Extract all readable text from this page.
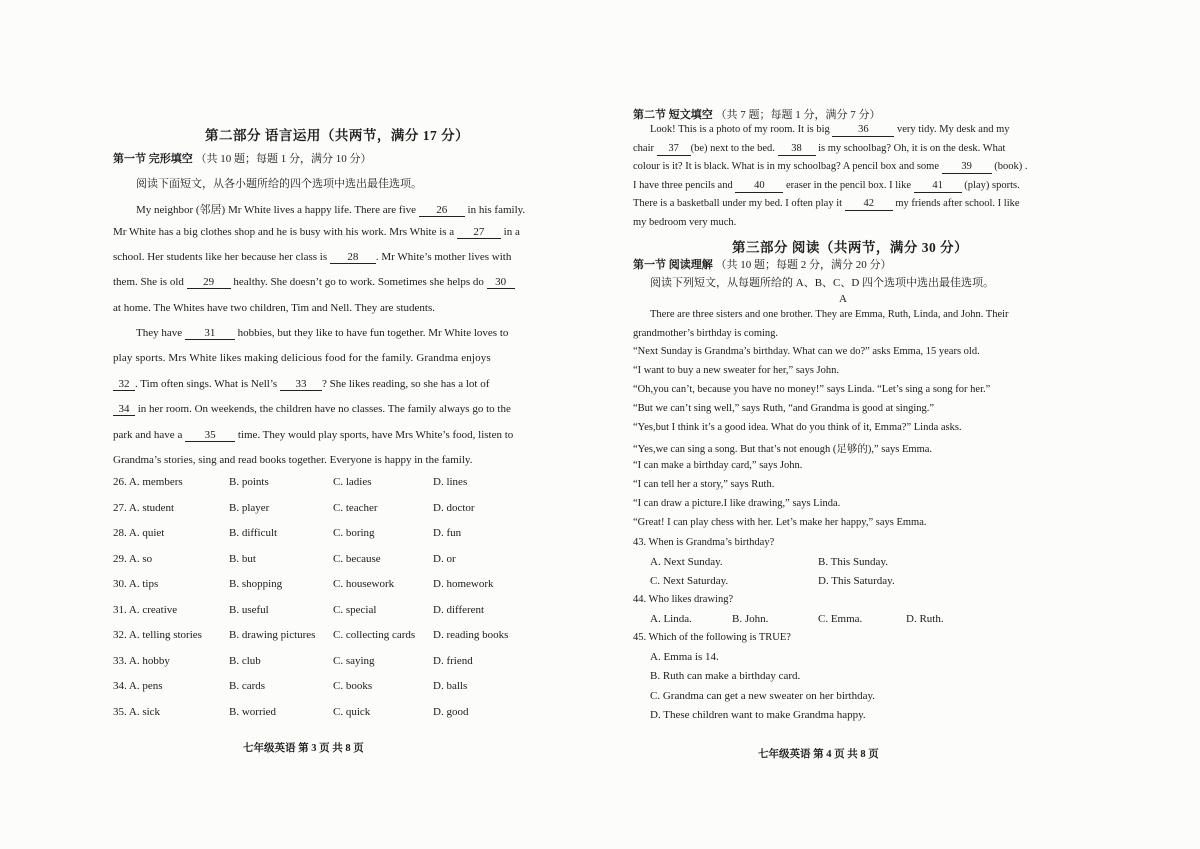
第二部分 语言运用（共两节，满分 17 分）
第一节 完形填空 （共 10 题；每题 1 分，满分 10 分）
阅读下面短文，从各小题所给的四个选项中选出最佳选项。
My neighbor (邻居) Mr White lives a happy life. There are five 26 in his family.
Mr White has a big clothes shop and he is busy with his work. Mrs White is a 27 in a
school. Her students like her because her class is 28 . Mr White’s mother lives with
them. She is old 29 healthy. She doesn’t go to work. Sometimes she helps do 30
at home. The Whites have two children, Tim and Nell. They are students.
They have 31 hobbies, but they like to have fun together. Mr White loves to
play sports. Mrs White likes making delicious food for the family. Grandma enjoys
32 . Tim often sings. What is Nell’s 33 ? She likes reading, so she has a lot of
34 in her room. On weekends, the children have no classes. The family always go to the
park and have a 35 time. They would play sports, have Mrs White’s food, listen to
Grandma’s stories, sing and read books together. Everyone is happy in the family.
26. A. members	B. points	C. ladies	D. lines
27. A. student	B. player	C. teacher	D. doctor
28. A. quiet	B. difficult	C. boring	D. fun
29. A. so	B. but	C. because	D. or
30. A. tips	B. shopping	C. housework	D. homework
31. A. creative	B. useful	C. special	D. different
32. A. telling stories B. drawing pictures C. collecting cards D. reading books
33. A. hobby	B. club	C. saying	D. friend
34. A. pens	B. cards	C. books	D. balls
35. A. sick	B. worried	C. quick	D. good
七年级英语 第 3 页 共 8 页
第二节 短文填空 （共 7 题；每题 1 分，满分 7 分）
Look! This is a photo of my room. It is big	36	very tidy. My desk and my
chair 37 (be) next to the bed. 38 is my schoolbag? Oh, it is on the desk. What
colour is it? It is black. What is in my schoolbag? A pencil box and some 39 (book) .
I have three pencils and 40 eraser in the pencil box. I like 41 (play) sports.
There is a basketball under my bed. I often play it 42 my friends after school. I like
my bedroom very much.
第三部分 阅读（共两节，满分 30 分）
第一节 阅读理解 （共 10 题；每题 2 分，满分 20 分）
阅读下列短文，从每题所给的 A、B、C、D 四个选项中选出最佳选项。
A
There are three sisters and one brother. They are Emma, Ruth, Linda, and John. Their
grandmother’s birthday is coming.
“Next Sunday is Grandma’s birthday. What can we do?” asks Emma, 15 years old.
“I want to buy a new sweater for her,” says John.
“Oh,you can’t, because you have no money!” says Linda. “Let’s sing a song for her.”
“But we can’t sing well,” says Ruth, “and Grandma is good at singing.”
“Yes,but I think it’s a good idea. What do you think of it, Emma?” Linda asks.
“Yes,we can sing a song. But that’s not enough (足够的),” says Emma.
“I can make a birthday card,” says John.
“I can tell her a story,” says Ruth.
“I can draw a picture.I like drawing,” says Linda.
“Great! I can play chess with her. Let’s make her happy,” says Emma.
43. When is Grandma’s birthday?
A. Next Sunday.	B. This Sunday.
C. Next Saturday.	D. This Saturday.
44. Who likes drawing?
A. Linda.	B. John.	C. Emma.	D. Ruth.
45. Which of the following is TRUE?
A. Emma is 14.
B. Ruth can make a birthday card.
C. Grandma can get a new sweater on her birthday.
D. These children want to make Grandma happy.
七年级英语 第 4 页 共 8 页
